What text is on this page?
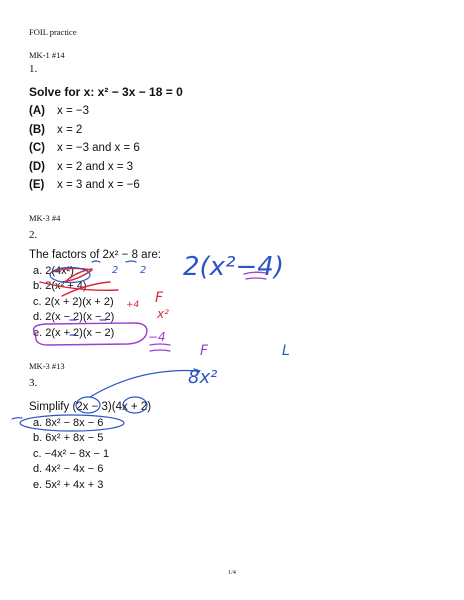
FOIL practice
MK-1 #14
1.
Solve for x: x² − 3x − 18 = 0
(A) x = −3
(B) x = 2
(C) x = −3 and x = 6
(D) x = 2 and x = 3
(E) x = 3 and x = −6
MK-3 #4
2.
The factors of 2x² − 8 are:
a. 2(4x²)
b. 2(x² + 4)
c. 2(x + 2)(x + 2)
d. 2(x − 2)(x − 2)
e. 2(x + 2)(x − 2)
MK-3 #13
3.
Simplify (2x − 3)(4x + 2)
a. 8x² − 8x − 6
b. 6x² + 8x − 5
c. −4x² − 8x − 1
d. 4x² − 4x − 6
e. 5x² + 4x + 3
1/4
2(x²−4)
2 2
F
x²
+4
−4
F	L
8x²
